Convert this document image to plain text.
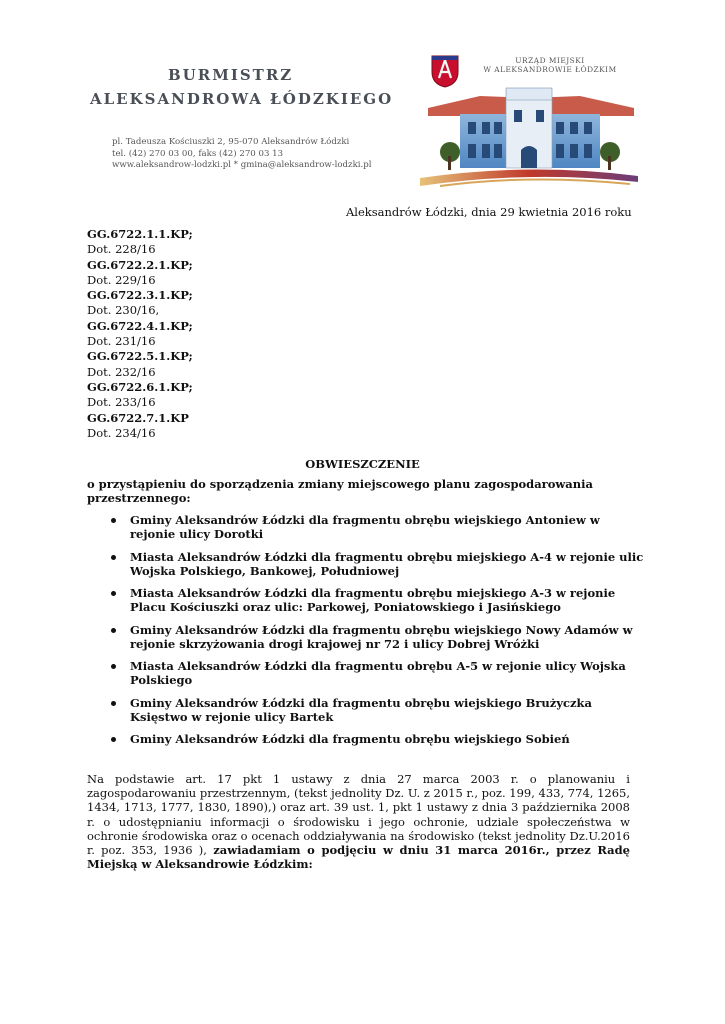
BURMISTRZ
ALEKSANDROWA ŁÓDZKIEGO
pl. Tadeusza Kościuszki 2, 95-070 Aleksandrów Łódzki
tel. (42) 270 03 00, faks (42) 270 03 13
www.aleksandrow-lodzki.pl * gmina@aleksandrow-lodzki.pl
URZĄD MIEJSKI
W ALEKSANDROWIE ŁÓDZKIM
Aleksandrów Łódzki, dnia 29 kwietnia 2016 roku
GG.6722.1.1.KP;
Dot. 228/16
GG.6722.2.1.KP;
Dot. 229/16
GG.6722.3.1.KP;
Dot. 230/16,
GG.6722.4.1.KP;
Dot. 231/16
GG.6722.5.1.KP;
Dot. 232/16
GG.6722.6.1.KP;
Dot. 233/16
GG.6722.7.1.KP
Dot. 234/16
OBWIESZCZENIE
o przystąpieniu do sporządzenia zmiany miejscowego planu zagospodarowania przestrzennego:
Gminy Aleksandrów Łódzki dla fragmentu obrębu wiejskiego Antoniew w rejonie ulicy Dorotki
Miasta Aleksandrów Łódzki dla fragmentu obrębu miejskiego A-4 w rejonie ulic Wojska Polskiego, Bankowej, Południowej
Miasta Aleksandrów Łódzki dla fragmentu obrębu miejskiego A-3 w rejonie Placu Kościuszki oraz ulic: Parkowej, Poniatowskiego i Jasińskiego
Gminy Aleksandrów Łódzki dla fragmentu obrębu wiejskiego Nowy Adamów w rejonie skrzyżowania drogi krajowej nr 72 i ulicy Dobrej Wróżki
Miasta Aleksandrów Łódzki dla fragmentu obrębu A-5 w rejonie ulicy Wojska Polskiego
Gminy Aleksandrów Łódzki dla fragmentu obrębu wiejskiego Brużyczka Księstwo w rejonie ulicy Bartek
Gminy Aleksandrów Łódzki dla fragmentu obrębu wiejskiego Sobień
Na podstawie art. 17 pkt 1 ustawy z dnia 27 marca 2003 r. o planowaniu i zagospodarowaniu przestrzennym, (tekst jednolity Dz. U. z 2015 r., poz. 199, 433, 774, 1265, 1434, 1713, 1777, 1830, 1890),) oraz art. 39 ust. 1, pkt 1 ustawy z dnia 3 października 2008 r. o udostępnianiu informacji o środowisku i jego ochronie, udziale społeczeństwa w ochronie środowiska oraz o ocenach oddziaływania na środowisko (tekst jednolity Dz.U.2016 r. poz. 353, 1936 ), zawiadamiam o podjęciu w dniu 31 marca 2016r., przez Radę Miejską w Aleksandrowie Łódzkim:
